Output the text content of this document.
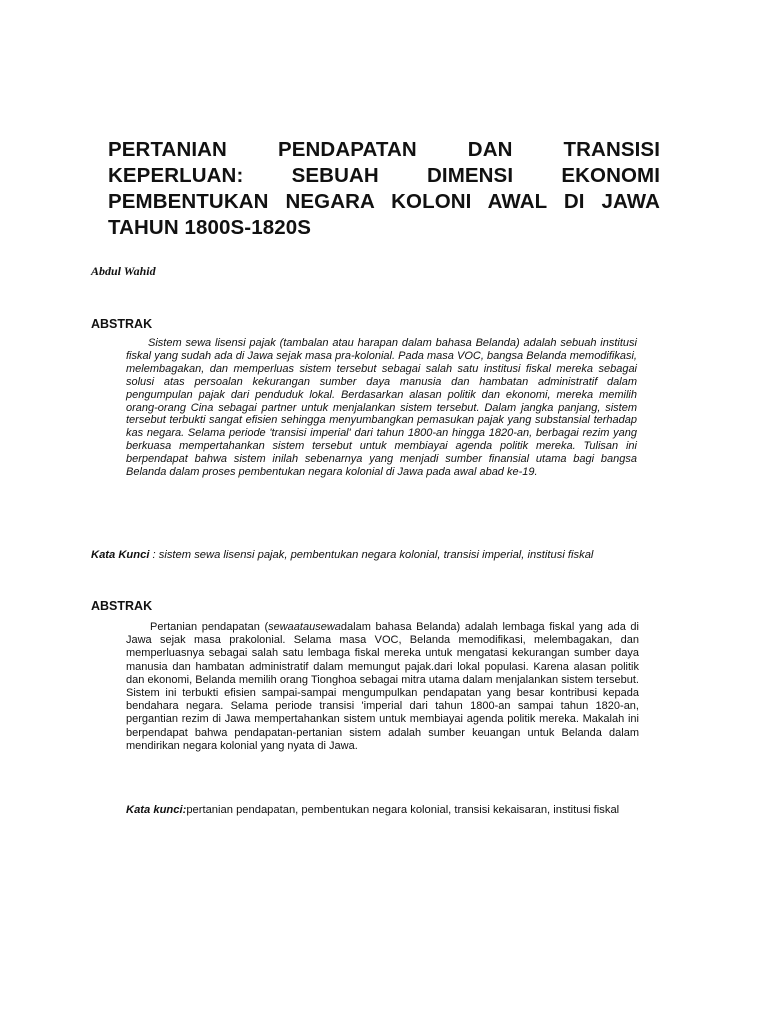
PERTANIAN PENDAPATAN DAN TRANSISI KEPERLUAN: SEBUAH DIMENSI EKONOMI PEMBENTUKAN NEGARA KOLONI AWAL DI JAWA TAHUN 1800S-1820S

Abdul Wahid

ABSTRAK

Sistem sewa lisensi pajak (tambalan atau harapan dalam bahasa Belanda) adalah sebuah institusi fiskal yang sudah ada di Jawa sejak masa pra-kolonial. Pada masa VOC, bangsa Belanda memodifikasi, melembagakan, dan memperluas sistem tersebut sebagai salah satu institusi fiskal mereka sebagai solusi atas persoalan kekurangan sumber daya manusia dan hambatan administratif dalam pengumpulan pajak dari penduduk lokal. Berdasarkan alasan politik dan ekonomi, mereka memilih orang-orang Cina sebagai partner untuk menjalankan sistem tersebut. Dalam jangka panjang, sistem tersebut terbukti sangat efisien sehingga menyumbangkan pemasukan pajak yang substansial terhadap kas negara. Selama periode 'transisi imperial' dari tahun 1800-an hingga 1820-an, berbagai rezim yang berkuasa mempertahankan sistem tersebut untuk membiayai agenda politik mereka. Tulisan ini berpendapat bahwa sistem inilah sebenarnya yang menjadi sumber finansial utama bagi bangsa Belanda dalam proses pembentukan negara kolonial di Jawa pada awal abad ke-19.

Kata Kunci : sistem sewa lisensi pajak, pembentukan negara kolonial, transisi imperial, institusi fiskal

ABSTRAK

Pertanian pendapatan (sewaatausewadalam bahasa Belanda) adalah lembaga fiskal yang ada di Jawa sejak masa prakolonial. Selama masa VOC, Belanda memodifikasi, melembagakan, dan memperluasnya sebagai salah satu lembaga fiskal mereka untuk mengatasi kekurangan sumber daya manusia dan hambatan administratif dalam memungut pajak.dari lokal populasi. Karena alasan politik dan ekonomi, Belanda memilih orang Tionghoa sebagai mitra utama dalam menjalankan sistem tersebut. Sistem ini terbukti efisien sampai-sampai mengumpulkan pendapatan yang besar kontribusi kepada bendahara negara. Selama periode transisi 'imperial dari tahun 1800-an sampai tahun 1820-an, pergantian rezim di Jawa mempertahankan sistem untuk membiayai agenda politik mereka. Makalah ini berpendapat bahwa pendapatan-pertanian sistem adalah sumber keuangan untuk Belanda dalam mendirikan negara kolonial yang nyata di Jawa.

Kata kunci:pertanian pendapatan, pembentukan negara kolonial, transisi kekaisaran, institusi fiskal
